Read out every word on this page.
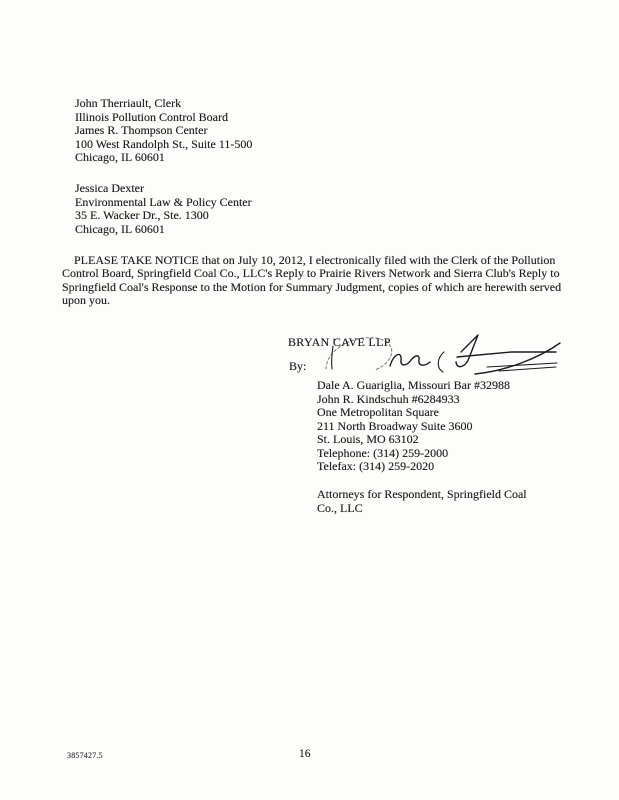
John Therriault, Clerk
Illinois Pollution Control Board
James R. Thompson Center
100 West Randolph St., Suite 11-500
Chicago, IL 60601
Jessica Dexter
Environmental Law & Policy Center
35 E. Wacker Dr., Ste. 1300
Chicago, IL 60601
PLEASE TAKE NOTICE that on July 10, 2012, I electronically filed with the Clerk of the Pollution Control Board, Springfield Coal Co., LLC's Reply to Prairie Rivers Network and Sierra Club's Reply to Springfield Coal's Response to the Motion for Summary Judgment, copies of which are herewith served upon you.
BRYAN CAVE LLP
By:
Dale A. Guariglia, Missouri Bar #32988
John R. Kindschuh #6284933
One Metropolitan Square
211 North Broadway Suite 3600
St. Louis, MO 63102
Telephone: (314) 259-2000
Telefax: (314) 259-2020
Attorneys for Respondent, Springfield Coal
Co., LLC
3857427.5	16
